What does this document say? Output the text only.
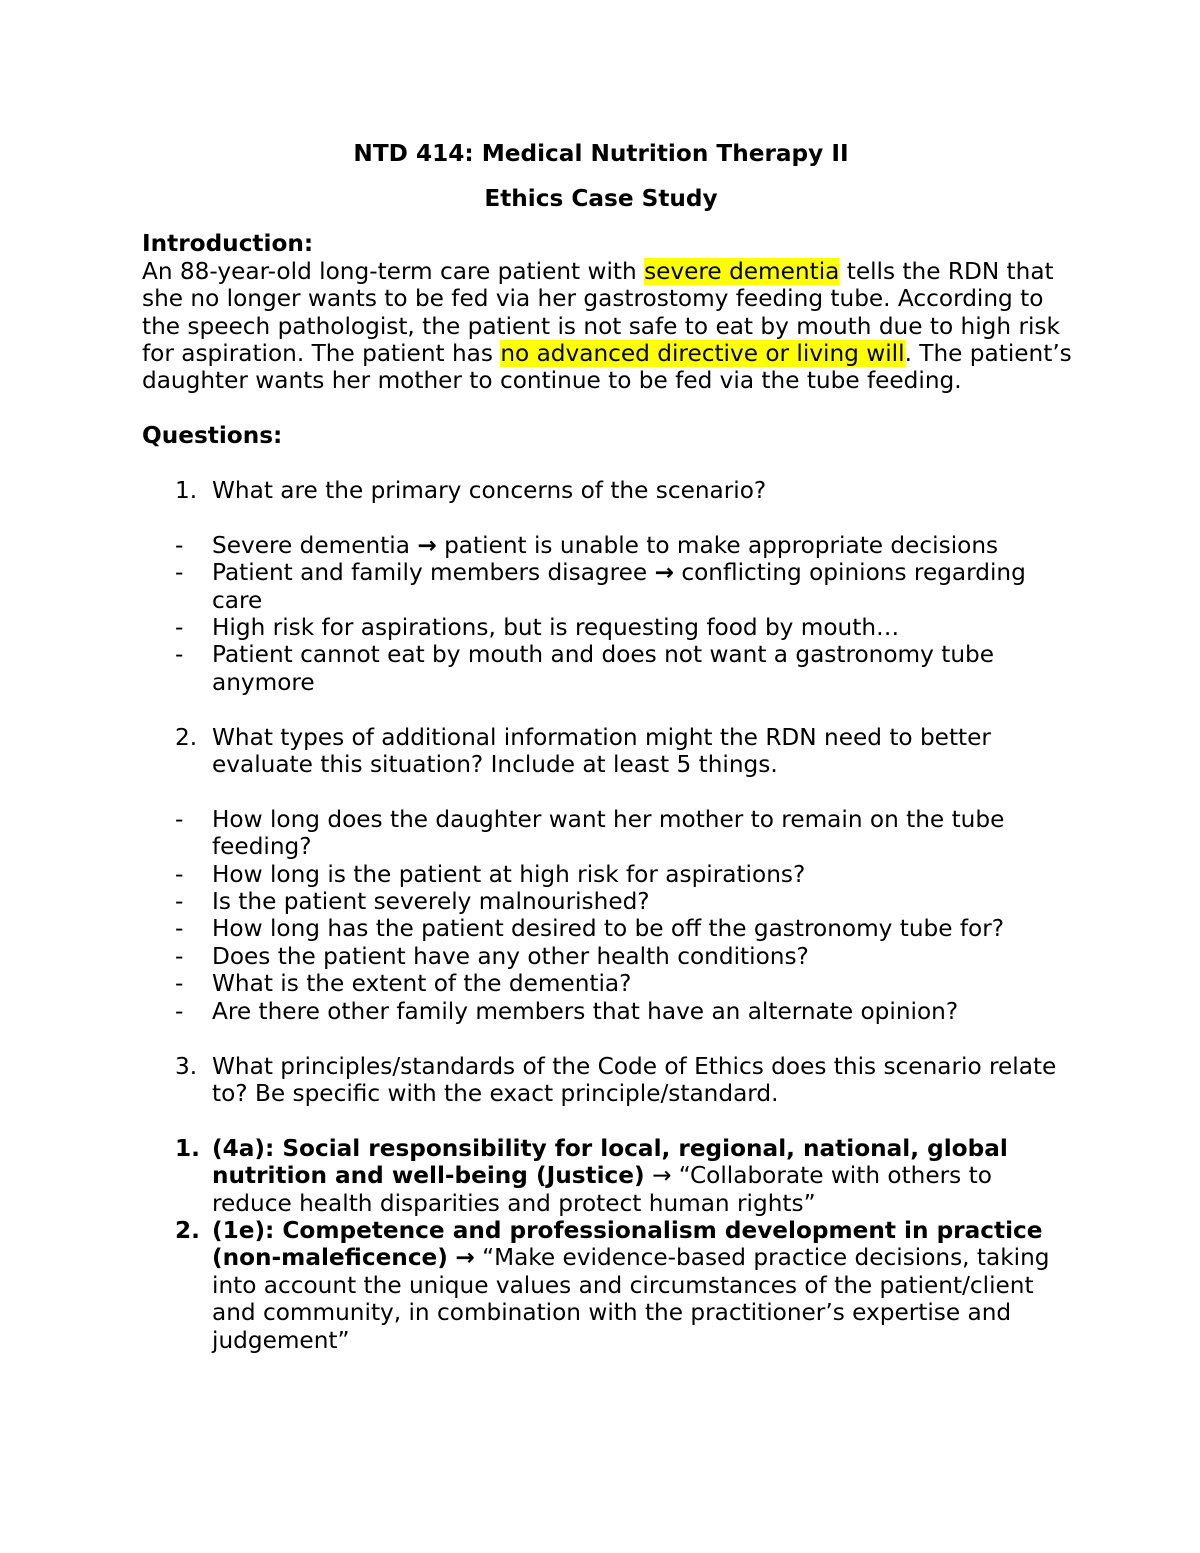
NTD 414: Medical Nutrition Therapy II
Ethics Case Study
Introduction:

An 88-year-old long-term care patient with severe dementia tells the RDN that she no longer wants to be fed via her gastrostomy feeding tube. According to the speech pathologist, the patient is not safe to eat by mouth due to high risk for aspiration. The patient has no advanced directive or living will. The patient’s daughter wants her mother to continue to be fed via the tube feeding.

Questions:
1. What are the primary concerns of the scenario?
- Severe dementia → patient is unable to make appropriate decisions
- Patient and family members disagree → conflicting opinions regarding care
- High risk for aspirations, but is requesting food by mouth…
- Patient cannot eat by mouth and does not want a gastronomy tube anymore
2. What types of additional information might the RDN need to better evaluate this situation? Include at least 5 things.
- How long does the daughter want her mother to remain on the tube feeding?
- How long is the patient at high risk for aspirations?
- Is the patient severely malnourished?
- How long has the patient desired to be off the gastronomy tube for?
- Does the patient have any other health conditions?
- What is the extent of the dementia?
- Are there other family members that have an alternate opinion?
3. What principles/standards of the Code of Ethics does this scenario relate to? Be specific with the exact principle/standard.
1. (4a): Social responsibility for local, regional, national, global nutrition and well-being (Justice) → “Collaborate with others to reduce health disparities and protect human rights”
2. (1e): Competence and professionalism development in practice (non-maleficence) → “Make evidence-based practice decisions, taking into account the unique values and circumstances of the patient/client and community, in combination with the practitioner’s expertise and judgement”
